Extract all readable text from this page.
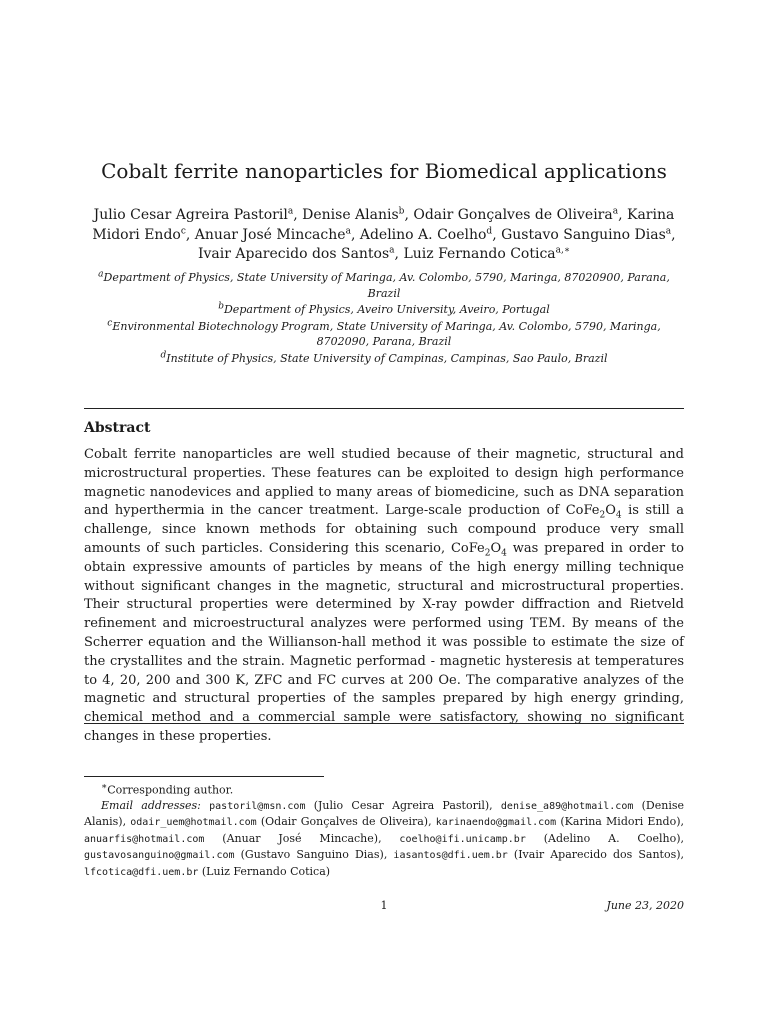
Cobalt ferrite nanoparticles for Biomedical applications
Julio Cesar Agreira Pastoril$^a$, Denise Alanis$^b$, Odair Gonçalves de Oliveira$^a$, Karina Midori Endo$^c$, Anuar José Mincache$^a$, Adelino A. Coelho$^d$, Gustavo Sanguino Dias$^a$, Ivair Aparecido dos Santos$^a$, Luiz Fernando Cotica$^{a,∗}$
$^a$Department of Physics, State University of Maringa, Av. Colombo, 5790, Maringa, 87020900, Parana, Brazil
$^b$Department of Physics, Aveiro University, Aveiro, Portugal
$^c$Environmental Biotechnology Program, State University of Maringa, Av. Colombo, 5790, Maringa, 8702090, Parana, Brazil
$^d$Institute of Physics, State University of Campinas, Campinas, Sao Paulo, Brazil
Abstract
Cobalt ferrite nanoparticles are well studied because of their magnetic, structural and microstructural properties. These features can be exploited to design high performance magnetic nanodevices and applied to many areas of biomedicine, such as DNA separation and hyperthermia in the cancer treatment. Large-scale production of $CoFe_2O_4$ is still a challenge, since known methods for obtaining such compound produce very small amounts of such particles. Considering this scenario, $CoFe_2O_4$ was prepared in order to obtain expressive amounts of particles by means of the high energy milling technique without significant changes in the magnetic, structural and microstructural properties. Their structural properties were determined by X-ray powder diffraction and Rietveld refinement and microestructural analyzes were performed using TEM. By means of the Scherrer equation and the Willianson-hall method it was possible to estimate the size of the crystallites and the strain. Magnetic performad - magnetic hysteresis at temperatures to 4, 20, 200 and 300 K, ZFC and FC curves at 200 Oe. The comparative analyzes of the magnetic and structural properties of the samples prepared by high energy grinding, chemical method and a commercial sample were satisfactory, showing no significant changes in these properties.

∗Corresponding author.

Email addresses: pastoril@msn.com (Julio Cesar Agreira Pastoril), denise_a89@hotmail.com (Denise Alanis), odair_uem@hotmail.com (Odair Gonçalves de Oliveira), karinaendo@gmail.com (Karina Midori Endo), anuarfis@hotmail.com (Anuar José Mincache), coelho@ifi.unicamp.br (Adelino A. Coelho), gustavosanguino@gmail.com (Gustavo Sanguino Dias), iasantos@dfi.uem.br (Ivair Aparecido dos Santos), lfcotica@dfi.uem.br (Luiz Fernando Cotica)

1	June 23, 2020
